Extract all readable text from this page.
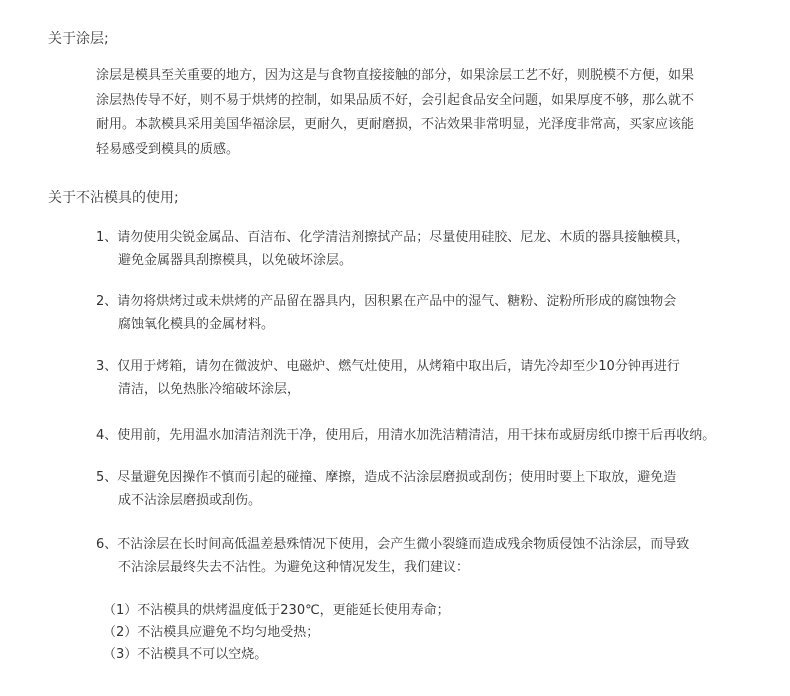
关于涂层;
涂层是模具至关重要的地方，因为这是与食物直接接触的部分，如果涂层工艺不好，则脱模不方便，如果
涂层热传导不好，则不易于烘烤的控制，如果品质不好，会引起食品安全问题，如果厚度不够，那么就不
耐用。本款模具采用美国华福涂层，更耐久，更耐磨损，不沾效果非常明显，光泽度非常高，买家应该能
轻易感受到模具的质感。
关于不沾模具的使用;
1、请勿使用尖锐金属品、百洁布、化学清洁剂擦拭产品；尽量使用硅胶、尼龙、木质的器具接触模具，
避免金属器具刮擦模具，以免破坏涂层。
2、请勿将烘烤过或未烘烤的产品留在器具内，因积累在产品中的湿气、糖粉、淀粉所形成的腐蚀物会
腐蚀氧化模具的金属材料。
3、仅用于烤箱，请勿在微波炉、电磁炉、燃气灶使用，从烤箱中取出后，请先冷却至少10分钟再进行
清洁，以免热胀冷缩破坏涂层，
4、使用前，先用温水加清洁剂洗干净，使用后，用清水加洗洁精清洁，用干抹布或厨房纸巾擦干后再收纳。
5、尽量避免因操作不慎而引起的碰撞、摩擦，造成不沾涂层磨损或刮伤；使用时要上下取放，避免造
成不沾涂层磨损或刮伤。
6、不沾涂层在长时间高低温差悬殊情况下使用，会产生微小裂缝而造成残余物质侵蚀不沾涂层，而导致
不沾涂层最终失去不沾性。为避免这种情况发生，我们建议：
（1）不沾模具的烘烤温度低于230℃，更能延长使用寿命；
（2）不沾模具应避免不均匀地受热；
（3）不沾模具不可以空烧。
